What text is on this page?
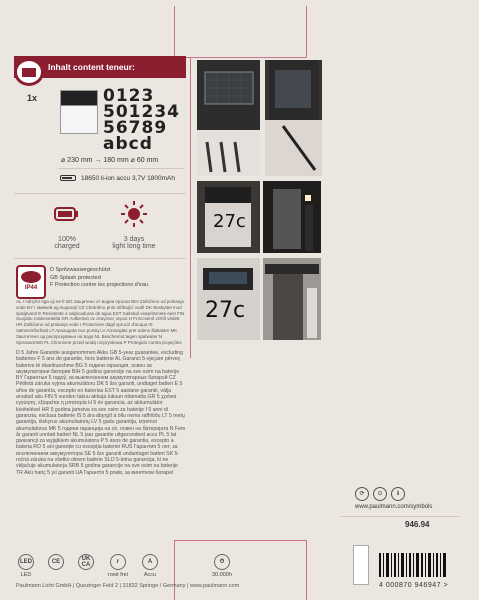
Inhalt content teneur:
1x	0123
501234
56789
abcd
⌀ 230 mm → 180 mm ⌀ 60 mm
18650 li-ion accu 3,7V 1800mAh
100%
charged
3 days
light long time
IP44
D Spritzwassergeschützt
GB Splash protected
F Protection contre les projections d'eau
AL I ndriçfor nga uji në fr BG Защитено от водни пръски BIH Zaštićeno od prskanja vode BY I змяжей ад пырскаў CZ Chráněno proti stříkající vodě DK Beskyttet mod sprøjtvand E Resistente a salpicaduras de agua EST Kaitstud veepritsmete eest FIN Suojattu roiskevedeltä GR Ανθεκτικό σε σταγόνες νερού H Fröccsenő víztől védett HR Zaštićeno od prskanja vode I Protezione dagli spruzzi d'acqua IS Vatnsvörðurfasti LT Apsaugota nuo purslų LV Aizsargāts pret ūdens šļakatām MK Заштитено од распрскување на вода NL Beschermd tegen spatwater N Sprutvanntett PL Chronione przed wodą rozpryskowa P Protegido contra projeções
D 5 Jahre Garantie ausgenommen Akku GB 5-year guarantee, excluding batteries F 5 ans de garantie, hors batterie AL Garanci 5-vjeçare përveç baterive të rikarikueshme BG 5 години гаранция, освен за акумулаторни батерии BIH 5 godina garancije na sve osim na baterije BY Гарантыя 5 гадоў, за выключэннем акумулятарных батарэй CZ Pětiletá záruka vyjma akumulátoru DK 5 års garanti, undtaget batteri E 5 años de garantía, excepto en baterías EST 5 aastane garantii, välja arvatud aku FIN 5 vuoden takuu akkuja lukuun ottamatta GR 5 χρόνια εγγύηση, εξαιρείται η μπαταρία H 5 év garancia, az akkumulátor kivételével HR 5 godina jamstva za sve osim za baterije I 5 anni di garanzia, esclusa batterie IS 5 ára ábyrgð á öllu nema rafhlöðu LT 5 metų garantija, išskyrus akumuliatorių LV 5 gadu garantija, izņemot akumulatorus MK 5 години гаранција на сè, освен на батеријата N Fem år garanti unntatt batteri NL 5 jaar garantie uitgezonderd accu PL 5 lat gwarancji za wyjątkiem akumulatora P 5 anos de garantia, excepto a bateria RO 5 ani garanție cu excepția bateriei RUS Гарантия 5 лет, за исключением аккумулятора SE 5 års garanti undantaget batteri SK 5-ročná záruka na všetko okrem batérie SLO 5-letna garancija, ki ne vključuje akumulatorja SRB 5 godina garancije na sve osim na baterije TR Akü hariç 5 yıl garanti UA Гарантія 5 років, за винятком батареї
27c
27c
⟳	⊙	ℹ
www.paulmann.com/symbols
946.94
4 000870 946947 >
LED
LED
CE	UK CA	r
rosé frei
A
Accu
⏱
30.000h
Paulmann Licht GmbH | Quezinger Feld 2 | 31832 Springe / Germany | www.paulmann.com
